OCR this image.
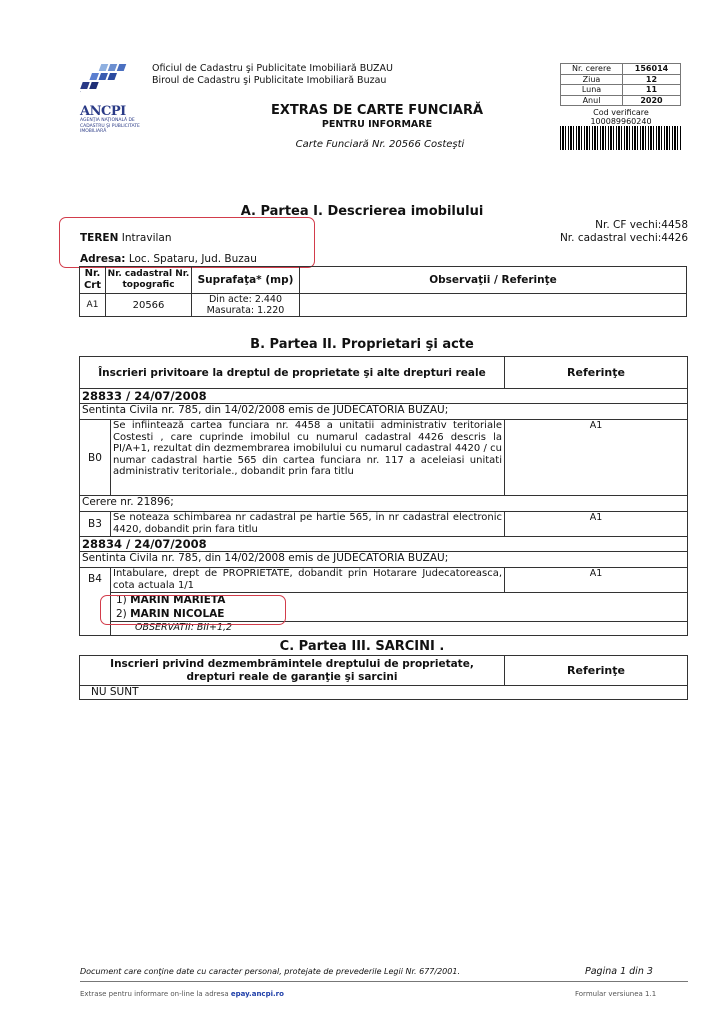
ANCPI
AGENŢIA NAŢIONALĂ DE CADASTRU ŞI PUBLICITATE IMOBILIARĂ
Oficiul de Cadastru şi Publicitate Imobiliară BUZAU
Biroul de Cadastru şi Publicitate Imobiliară Buzau
EXTRAS DE CARTE FUNCIARĂ
PENTRU INFORMARE
Carte Funciară Nr. 20566 Costeşti
Nr. cerere	156014
Ziua	12
Luna	11
Anul	2020
Cod verificare
100089960240
A. Partea I. Descrierea imobilului
Nr. CF vechi:4458
Nr. cadastral vechi:4426
TEREN Intravilan
Adresa: Loc. Spataru, Jud. Buzau
Nr. Crt	Nr. cadastral Nr. topografic	Suprafaţa* (mp)	Observaţii / Referinţe
A1	20566	Din acte: 2.440
Masurata: 1.220	

B. Partea II. Proprietari şi acte
Înscrieri privitoare la dreptul de proprietate şi alte drepturi reale		Referinţe
28833 / 24/07/2008		
Sentinta Civila nr. 785, din 14/02/2008 emis de JUDECATORIA BUZAU;		
B0	Se infiintează cartea funciara nr. 4458 a unitatii administrativ teritoriale Costesti , care cuprinde imobilul cu numarul cadastral 4426 descris la PI/A+1, rezultat din dezmembrarea imobilului cu numarul cadastral 4420 / cu numar cadastral hartie 565 din cartea funciara nr. 117 a aceleiasi unitati administrativ teritoriale., dobandit prin fara titlu	A1
Cerere nr. 21896;		
B3	Se noteaza schimbarea nr cadastral pe hartie 565, in nr cadastral electronic 4420, dobandit prin fara titlu	A1
28834 / 24/07/2008		
Sentinta Civila nr. 785, din 14/02/2008 emis de JUDECATORIA BUZAU;		
B4	Intabulare, drept de PROPRIETATE, dobandit prin Hotarare Judecatoreasca, cota actuala 1/1	A1

	1) MARIN MARIETA
2) MARIN NICOLAE	

	OBSERVATII: BII+1,2	
C. Partea III. SARCINI .
Inscrieri privind dezmembrămintele dreptului de proprietate, drepturi reale de garanţie şi sarcini	Referinţe
NU SUNT
Document care conţine date cu caracter personal, protejate de prevederile Legii Nr. 677/2001.	Pagina 1 din 3
Extrase pentru informare on-line la adresa epay.ancpi.ro	Formular versiunea 1.1
